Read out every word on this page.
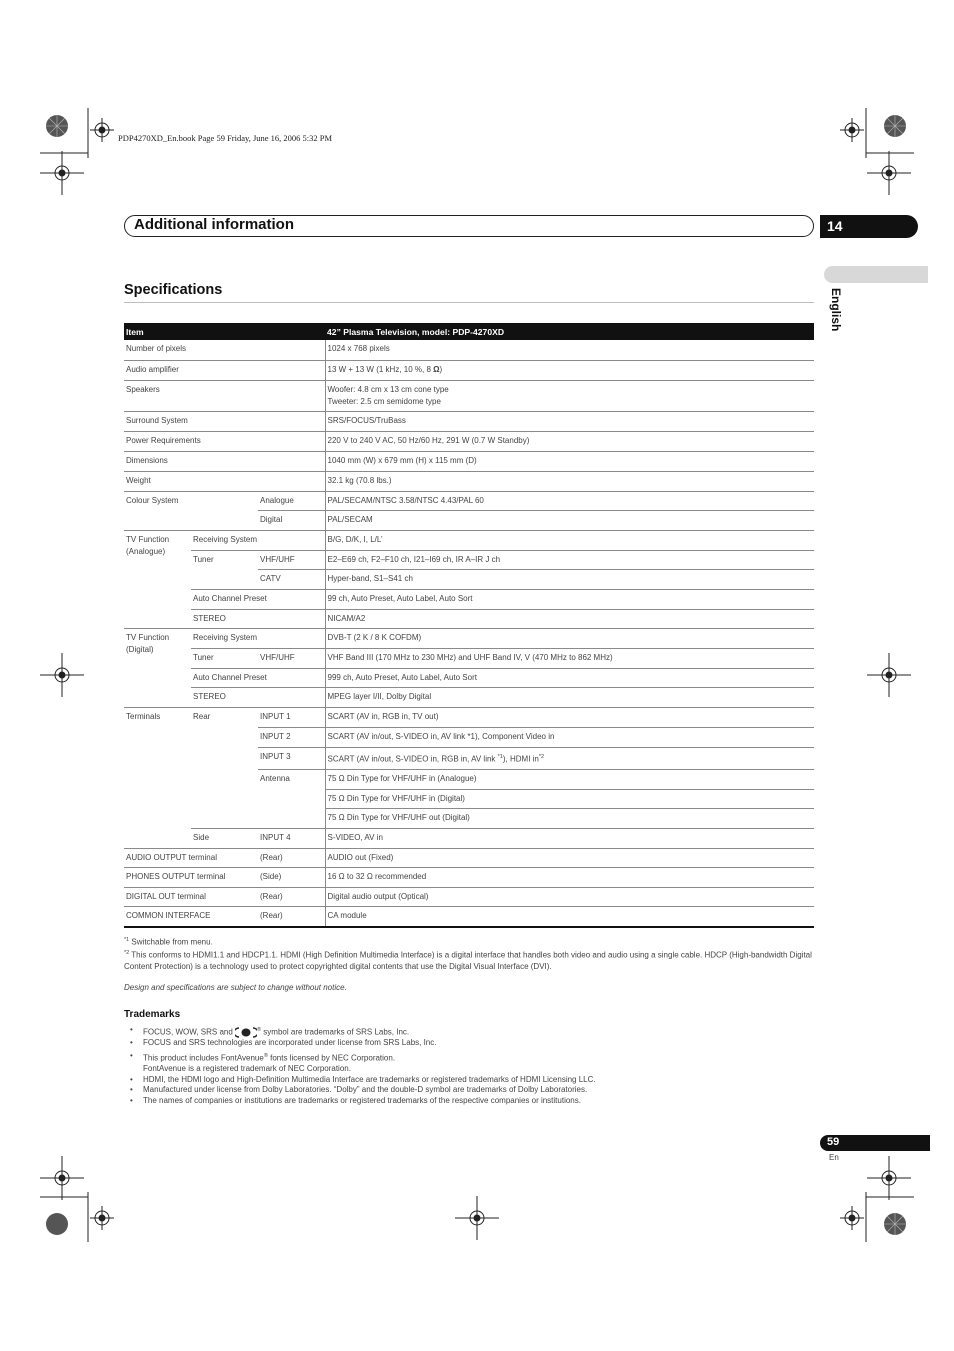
PDP4270XD_En.book Page 59 Friday, June 16, 2006 5:32 PM
Additional information	14
English
Specifications
Item			42” Plasma Television, model: PDP-4270XD
Number of pixels			1024 x 768 pixels
Audio amplifier			13 W + 13 W (1 kHz, 10 %, 8 Ω)
Speakers			Woofer: 4.8 cm x 13 cm cone type
Tweeter: 2.5 cm semidome type

Surround System			SRS/FOCUS/TruBass
Power Requirements			220 V to 240 V AC, 50 Hz/60 Hz, 291 W (0.7 W Standby)
Dimensions			1040 mm (W) x 679 mm (H) x 115 mm (D)
Weight			32.1 kg (70.8 lbs.)
Colour System		Analogue	PAL/SECAM/NTSC 3.58/NTSC 4.43/PAL 60
		Digital	PAL/SECAM
TV Function (Analogue)	Receiving System		B/G, D/K, I, L/L’
	Tuner	VHF/UHF	E2–E69 ch, F2–F10 ch, I21–I69 ch, IR A–IR J ch
		CATV	Hyper-band, S1–S41 ch
	Auto Channel Preset		99 ch, Auto Preset, Auto Label, Auto Sort
	STEREO		NICAM/A2
TV Function (Digital)	Receiving System		DVB-T (2 K / 8 K COFDM)
	Tuner	VHF/UHF	VHF Band III (170 MHz to 230 MHz) and UHF Band IV, V (470 MHz to 862 MHz)
	Auto Channel Preset		999 ch, Auto Preset, Auto Label, Auto Sort
	STEREO		MPEG layer I/II, Dolby Digital
Terminals	Rear	INPUT 1	SCART (AV in, RGB in, TV out)
		INPUT 2	SCART (AV in/out, S-VIDEO in, AV link *1), Component Video in
		INPUT 3	SCART (AV in/out, S-VIDEO in, RGB in, AV link $^{*1}$), HDMI $in^{*2}$
		Antenna	75 Ω Din Type for VHF/UHF in (Analogue)
			75 Ω Din Type for VHF/UHF in (Digital)
			75 Ω Din Type for VHF/UHF out (Digital)
	Side	INPUT 4	S-VIDEO, AV in
AUDIO OUTPUT terminal		(Rear)	AUDIO out (Fixed)
PHONES OUTPUT terminal		(Side)	16 Ω to 32 Ω recommended
DIGITAL OUT terminal		(Rear)	Digital audio output (Optical)
COMMON INTERFACE		(Rear)	CA module
$^{*1}$ Switchable from menu.
$^{*2}$ This conforms to HDMI1.1 and HDCP1.1. HDMI (High Definition Multimedia Interface) is a digital interface that handles both video and audio using a single cable. HDCP (High-bandwidth Digital Content Protection) is a technology used to protect copyrighted digital contents that use the Digital Visual Interface (DVI).
Design and specifications are subject to change without notice.
Trademarks
• FOCUS, WOW, SRS and	® symbol are trademarks of SRS Labs, Inc.
• FOCUS and SRS technologies are incorporated under license from SRS Labs, Inc.
• This product includes FontAvenue® fonts licensed by NEC Corporation.
FontAvenue is a registered trademark of NEC Corporation.
• HDMI, the HDMI logo and High-Definition Multimedia Interface are trademarks or registered trademarks of HDMI Licensing LLC.
• Manufactured under license from Dolby Laboratories. “Dolby” and the double-D symbol are trademarks of Dolby Laboratories.
• The names of companies or institutions are trademarks or registered trademarks of the respective companies or institutions.
59
En
